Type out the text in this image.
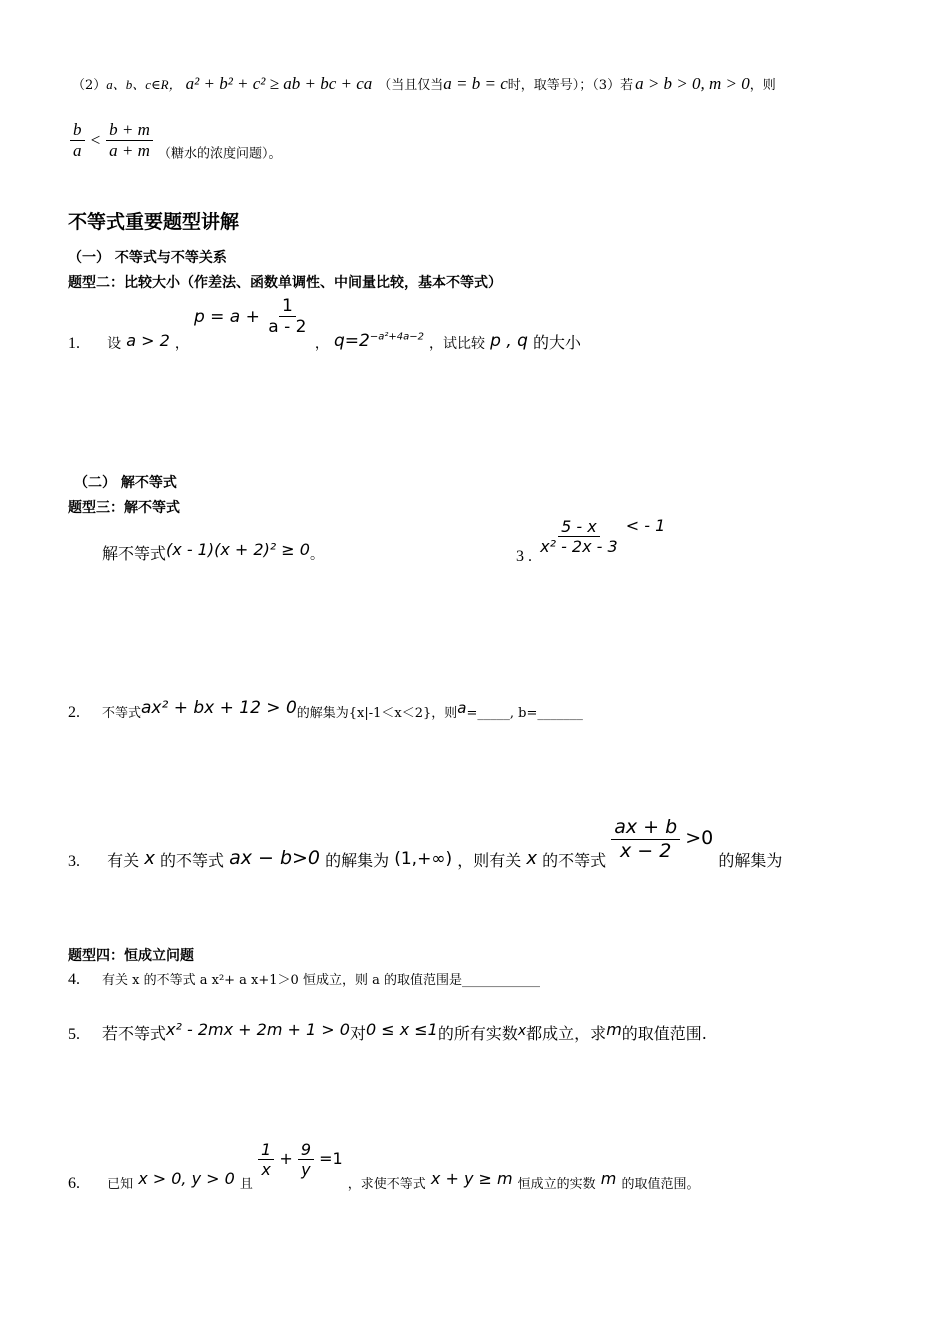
（2）a、b、c∈R， a² + b² + c² ≥ ab + bc + ca （当且仅当a = b = c时，取等号）；（3）若 a > b > 0, m > 0，则
$\frac{b}{a} < \frac{b + m}{a + m} _{(糖水的浓度问题)。}$
不等式重要题型讲解
（一） 不等式与不等关系
题型二：比较大小（作差法、函数单调性、中间量比较，基本不等式）
1. 设 a > 2 ， $p = a + \frac{1}{a - 2}$
， $q=2^{-a^2+4a-2}$ ，试比较 p , q 的大小
（二） 解不等式
题型三：解不等式
解不等式(x - 1)(x + 2)² ≥ 0。	3 .
$\frac{5 - x}{\text{x² - 2x - 3}}$ < - 1
2. 不等式ax² + bx + 12 > 0的解集为{x|-1＜x＜2}，则a=_____, b=_______
3. 有关 x 的不等式 ax − b>0 的解集为 (1,+∞) ，则有关 x 的不等式 $\frac{ax + b}{x - 2} >0$ 的解集为
题型四：恒成立问题
4. 有关 x 的不等式 a x²+ a x+1＞0 恒成立，则 a 的取值范围是____________
5. 若不等式x² - 2mx + 2m + 1 > 0对0 ≤ x ≤1的所有实数x都成立，求m的取值范围.
6. $_{已知}$ x > 0, y > 0 $_且$
$\frac{1}{x} + \frac{9}{y} =1$ $_{,求使不等式}$ x + y ≥ m $_{恒成立的实数}$ m $_{的取值范围。}$
